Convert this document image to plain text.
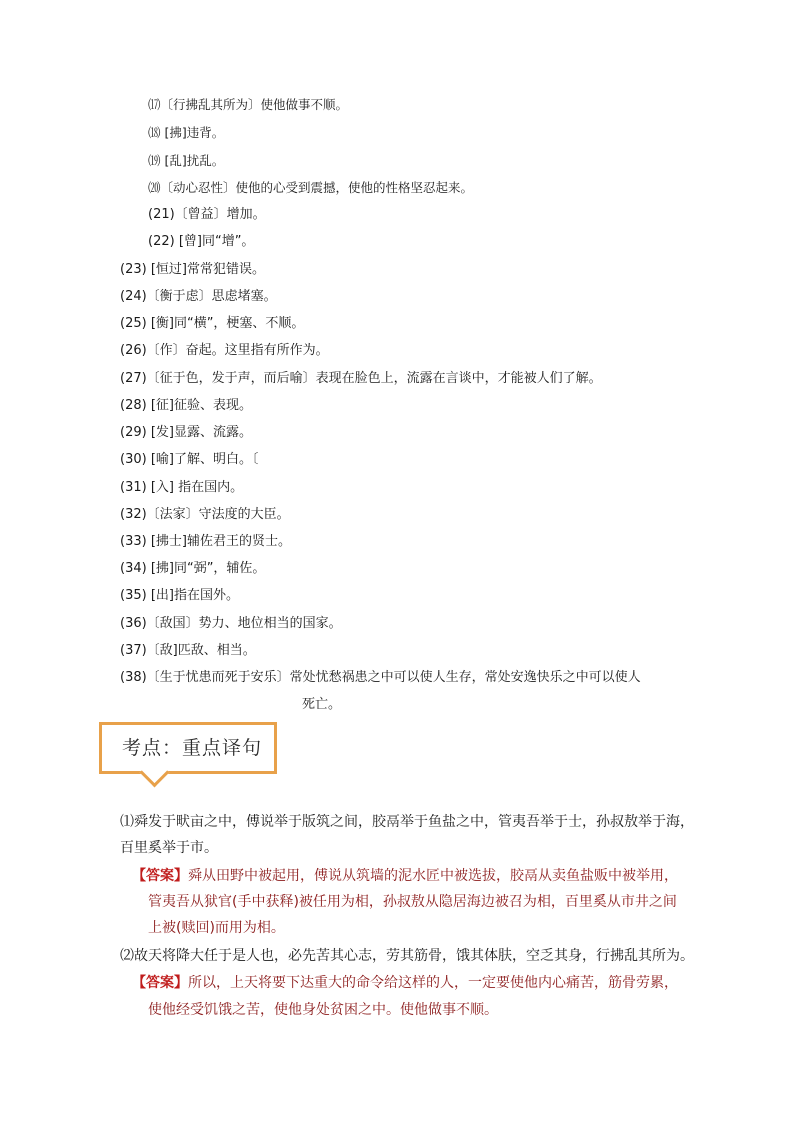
⒄〔行拂乱其所为〕使他做事不顺。
⒅ [拂]违背。
⒆ [乱]扰乱。
⒇〔动心忍性〕使他的心受到震撼，使他的性格坚忍起来。
(21)〔曾益〕增加。
(22) [曾]同“增”。
(23) [恒过]常常犯错误。
(24)〔衡于虑〕思虑堵塞。
(25) [衡]同“横”，梗塞、不顺。
(26)〔作〕奋起。这里指有所作为。
(27)〔征于色，发于声，而后喻〕表现在脸色上，流露在言谈中，才能被人们了解。
(28) [征]征验、表现。
(29) [发]显露、流露。
(30) [喻]了解、明白。〔
(31) [入] 指在国内。
(32)〔法家〕守法度的大臣。
(33) [拂士]辅佐君王的贤士。
(34) [拂]同“弼”，辅佐。
(35) [出]指在国外。
(36)〔敌国〕势力、地位相当的国家。
(37)〔敌]匹敌、相当。
(38)〔生于忧患而死于安乐〕常处忧愁祸患之中可以使人生存，常处安逸快乐之中可以使人
死亡。
考点：重点译句
⑴舜发于畎亩之中，傅说举于版筑之间，胶鬲举于鱼盐之中，管夷吾举于士，孙叔敖举于海，
百里奚举于市。
【答案】舜从田野中被起用，傅说从筑墙的泥水匠中被选拔，胶鬲从卖鱼盐贩中被举用，
管夷吾从狱官(手中获释)被任用为相，孙叔敖从隐居海边被召为相，百里奚从市井之间
上被(赎回)而用为相。
⑵故天将降大任于是人也，必先苦其心志，劳其筋骨，饿其体肤，空乏其身，行拂乱其所为。
【答案】所以，上天将要下达重大的命令给这样的人，一定要使他内心痛苦，筋骨劳累，
使他经受饥饿之苦，使他身处贫困之中。使他做事不顺。
